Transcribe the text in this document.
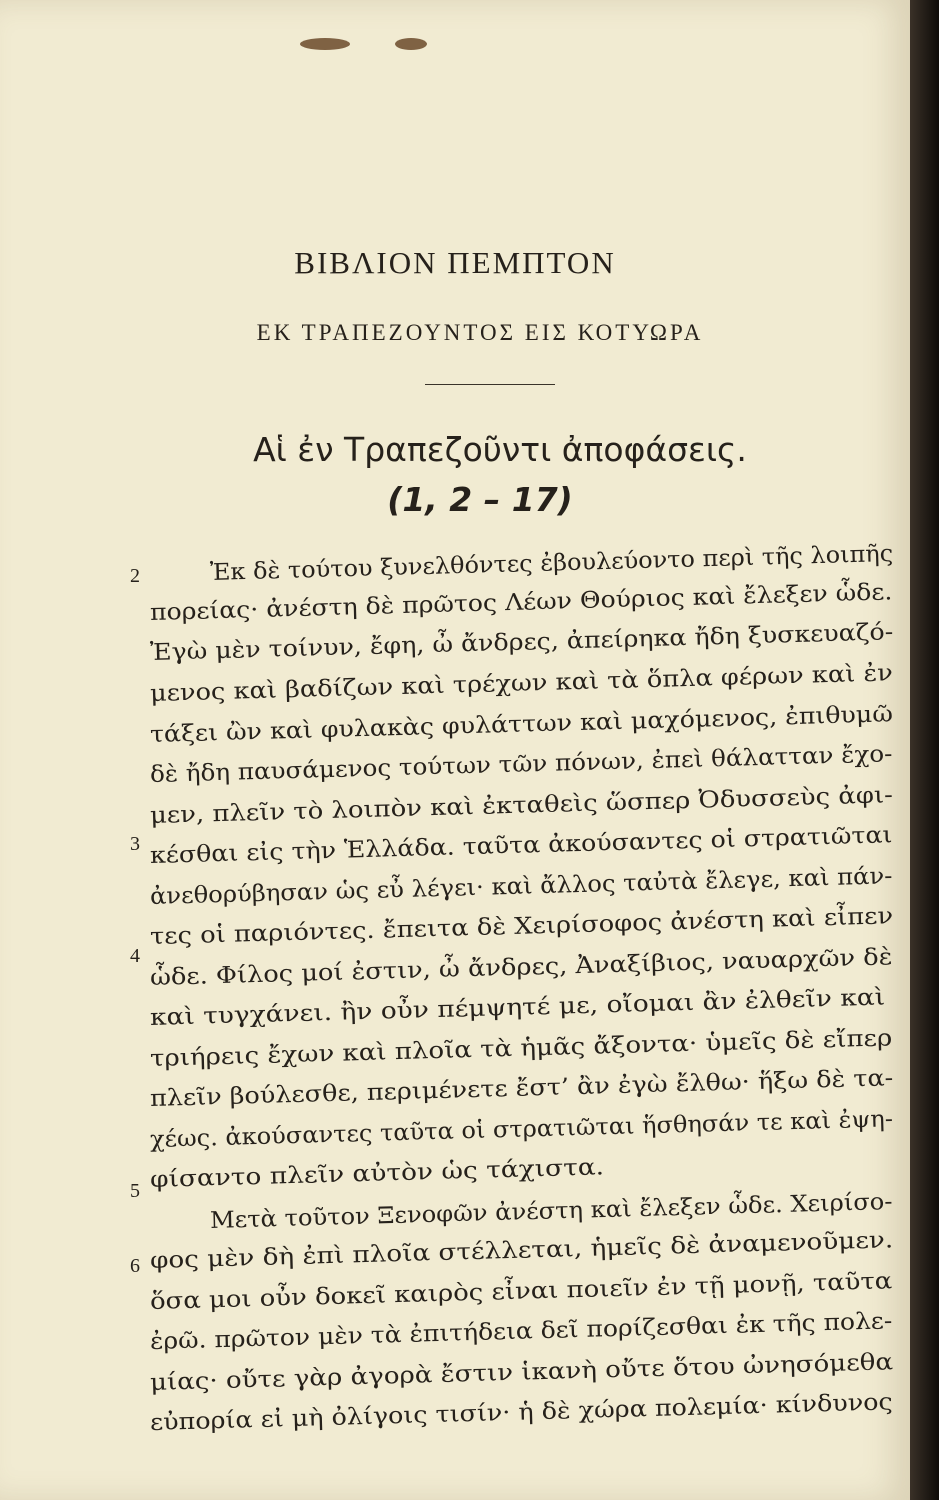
ΒΙΒΛΙΟΝ ΠΕΜΠΤΟΝ
ΕΚ ΤΡΑΠΕΖΟΥΝΤΟΣ ΕΙΣ ΚΟΤΥΩΡΑ
Αἱ ἐν Τραπεζοῦντι ἀποφάσεις.
(1, 2 – 17)
2
3
4
5
6
Ἐκ δὲ τούτου ξυνελθόντες ἐβουλεύοντο περὶ τῆς λοιπῆς
πορείας· ἀνέστη δὲ πρῶτος Λέων Θούριος καὶ ἔλεξεν ὧδε.
Ἐγὼ μὲν τοίνυν, ἔφη, ὦ ἄνδρες, ἀπείρηκα ἤδη ξυσκευαζό-
μενος καὶ βαδίζων καὶ τρέχων καὶ τὰ ὅπλα φέρων καὶ ἐν
τάξει ὢν καὶ φυλακὰς φυλάττων καὶ μαχόμενος, ἐπιθυμῶ
δὲ ἤδη παυσάμενος τούτων τῶν πόνων, ἐπεὶ θάλατταν ἔχο-
μεν, πλεῖν τὸ λοιπὸν καὶ ἐκταθεὶς ὥσπερ Ὀδυσσεὺς ἀφι-
κέσθαι εἰς τὴν Ἑλλάδα. ταῦτα ἀκούσαντες οἱ στρατιῶται
ἀνεθορύβησαν ὡς εὖ λέγει· καὶ ἄλλος ταὐτὰ ἔλεγε, καὶ πάν-
τες οἱ παριόντες. ἔπειτα δὲ Χειρίσοφος ἀνέστη καὶ εἶπεν
ὧδε. Φίλος μοί ἐστιν, ὦ ἄνδρες, Ἀναξίβιος, ναυαρχῶν δὲ
καὶ τυγχάνει. ἢν οὖν πέμψητέ με, οἴομαι ἂν ἐλθεῖν καὶ
τριήρεις ἔχων καὶ πλοῖα τὰ ἡμᾶς ἄξοντα· ὑμεῖς δὲ εἴπερ
πλεῖν βούλεσθε, περιμένετε ἔστ’ ἂν ἐγὼ ἔλθω· ἥξω δὲ τα-
χέως. ἀκούσαντες ταῦτα οἱ στρατιῶται ἥσθησάν τε καὶ ἐψη-
φίσαντο πλεῖν αὐτὸν ὡς τάχιστα.
Μετὰ τοῦτον Ξενοφῶν ἀνέστη καὶ ἔλεξεν ὧδε. Χειρίσο-
φος μὲν δὴ ἐπὶ πλοῖα στέλλεται, ἡμεῖς δὲ ἀναμενοῦμεν.
ὅσα μοι οὖν δοκεῖ καιρὸς εἶναι ποιεῖν ἐν τῇ μονῇ, ταῦτα
ἐρῶ. πρῶτον μὲν τὰ ἐπιτήδεια δεῖ πορίζεσθαι ἐκ τῆς πολε-
μίας· οὔτε γὰρ ἀγορὰ ἔστιν ἱκανὴ οὔτε ὅτου ὠνησόμεθα
εὐπορία εἰ μὴ ὀλίγοις τισίν· ἡ δὲ χώρα πολεμία· κίνδυνος
